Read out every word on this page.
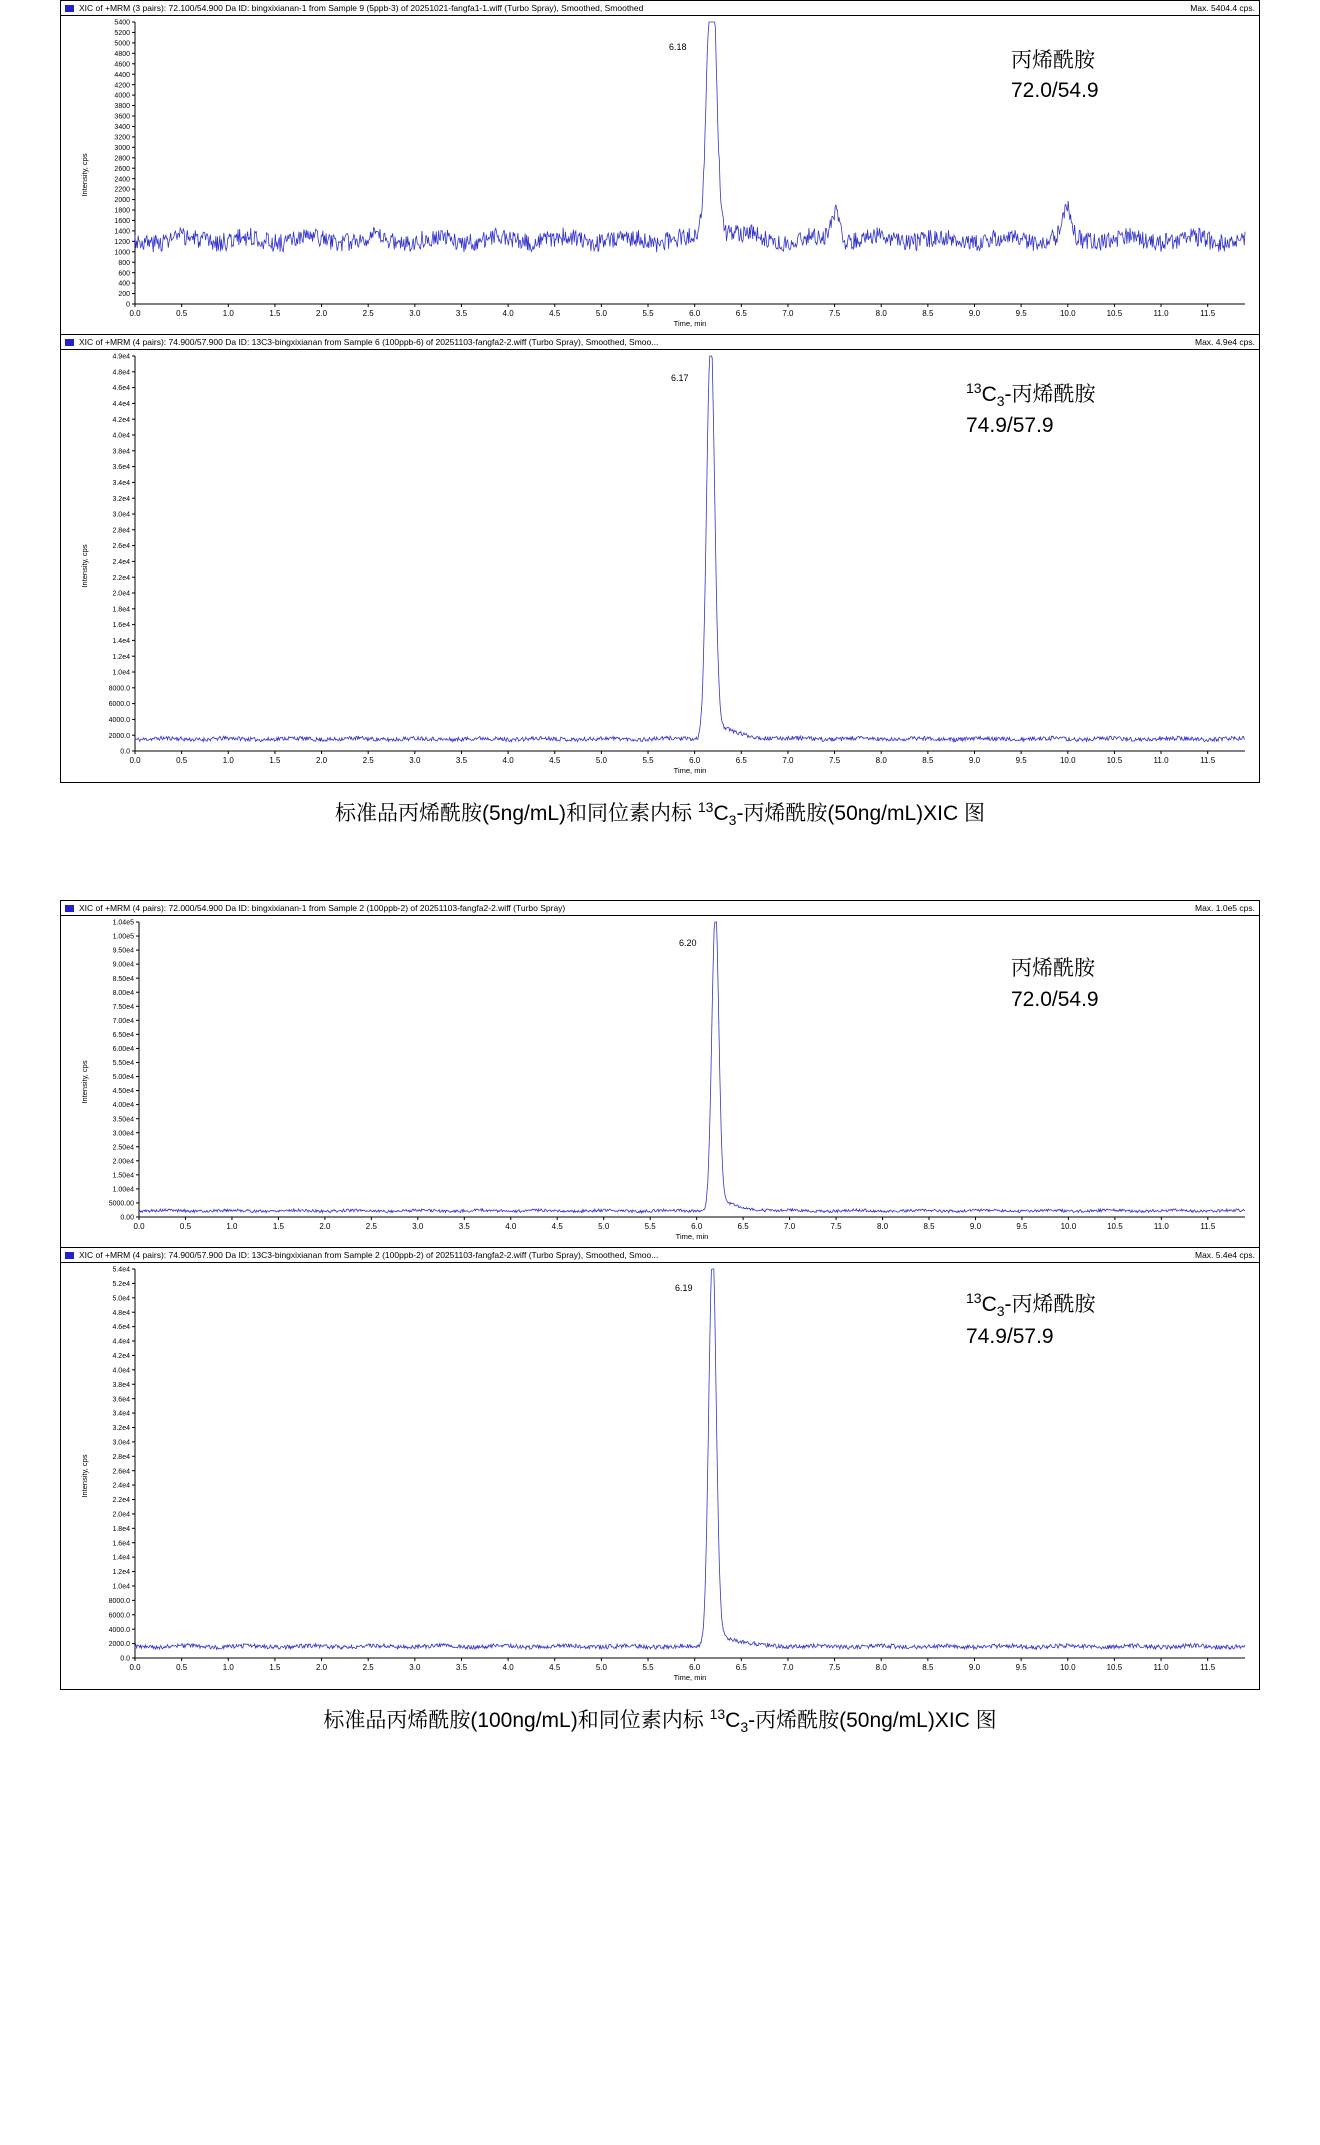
XIC of +MRM (3 pairs): 72.100/54.900 Da ID: bingxixianan-1 from Sample 9 (5ppb-3) of 20251021-fangfa1-1.wiff (Turbo Spray), Smoothed, Smoothed	Max. 5404.4 cps.
Intensity, cps
0.0	0.5	1.0	1.5	2.0	2.5	3.0	3.5	4.0	4.5	5.0	5.5	6.0	6.5	7.0	7.5	8.0	8.5	9.0	9.5	10.0	10.5	11.0	11.5
0
200
400
600
800
1000
1200
1400
1600
1800
2000
2200
2400
2600
2800
3000
3200
3400
3600
3800
4000
4200
4400
4600
4800
5000
5200
5400
Time, min
6.18
丙烯酰胺
72.0/54.9
XIC of +MRM (4 pairs): 74.900/57.900 Da ID: 13C3-bingxixianan from Sample 6 (100ppb-6) of 20251103-fangfa2-2.wiff (Turbo Spray), Smoothed, Smoo...	Max. 4.9e4 cps.
Intensity, cps
0.0	0.5	1.0	1.5	2.0	2.5	3.0	3.5	4.0	4.5	5.0	5.5	6.0	6.5	7.0	7.5	8.0	8.5	9.0	9.5	10.0	10.5	11.0	11.5
0.0
2000.0
4000.0
6000.0
8000.0
1.0e4
1.2e4
1.4e4
1.6e4
1.8e4
2.0e4
2.2e4
2.4e4
2.6e4
2.8e4
3.0e4
3.2e4
3.4e4
3.6e4
3.8e4
4.0e4
4.2e4
4.4e4
4.6e4
4.8e4
4.9e4
Time, min
6.17
$^{13}C_3-$丙烯酰胺
74.9/57.9
标准品丙烯酰胺(5ng/mL)和同位素内标 $^{13}C_3-$丙烯酰胺(50ng/mL)XIC 图
XIC of +MRM (4 pairs): 72.000/54.900 Da ID: bingxixianan-1 from Sample 2 (100ppb-2) of 20251103-fangfa2-2.wiff (Turbo Spray)	Max. 1.0e5 cps.
Intensity, cps
0.0	0.5	1.0	1.5	2.0	2.5	3.0	3.5	4.0	4.5	5.0	5.5	6.0	6.5	7.0	7.5	8.0	8.5	9.0	9.5	10.0	10.5	11.0	11.5
0.00
5000.00
1.00e4
1.50e4
2.00e4
2.50e4
3.00e4
3.50e4
4.00e4
4.50e4
5.00e4
5.50e4
6.00e4
6.50e4
7.00e4
7.50e4
8.00e4
8.50e4
9.00e4
9.50e4
1.00e5
1.04e5
Time, min
6.20
丙烯酰胺
72.0/54.9
XIC of +MRM (4 pairs): 74.900/57.900 Da ID: 13C3-bingxixianan from Sample 2 (100ppb-2) of 20251103-fangfa2-2.wiff (Turbo Spray), Smoothed, Smoo...	Max. 5.4e4 cps.
Intensity, cps
0.0	0.5	1.0	1.5	2.0	2.5	3.0	3.5	4.0	4.5	5.0	5.5	6.0	6.5	7.0	7.5	8.0	8.5	9.0	9.5	10.0	10.5	11.0	11.5
0.0
2000.0
4000.0
6000.0
8000.0
1.0e4
1.2e4
1.4e4
1.6e4
1.8e4
2.0e4
2.2e4
2.4e4
2.6e4
2.8e4
3.0e4
3.2e4
3.4e4
3.6e4
3.8e4
4.0e4
4.2e4
4.4e4
4.6e4
4.8e4
5.0e4
5.2e4
5.4e4
Time, min
6.19
$^{13}C_3-$丙烯酰胺
74.9/57.9
标准品丙烯酰胺(100ng/mL)和同位素内标 $^{13}C_3-$丙烯酰胺(50ng/mL)XIC 图
